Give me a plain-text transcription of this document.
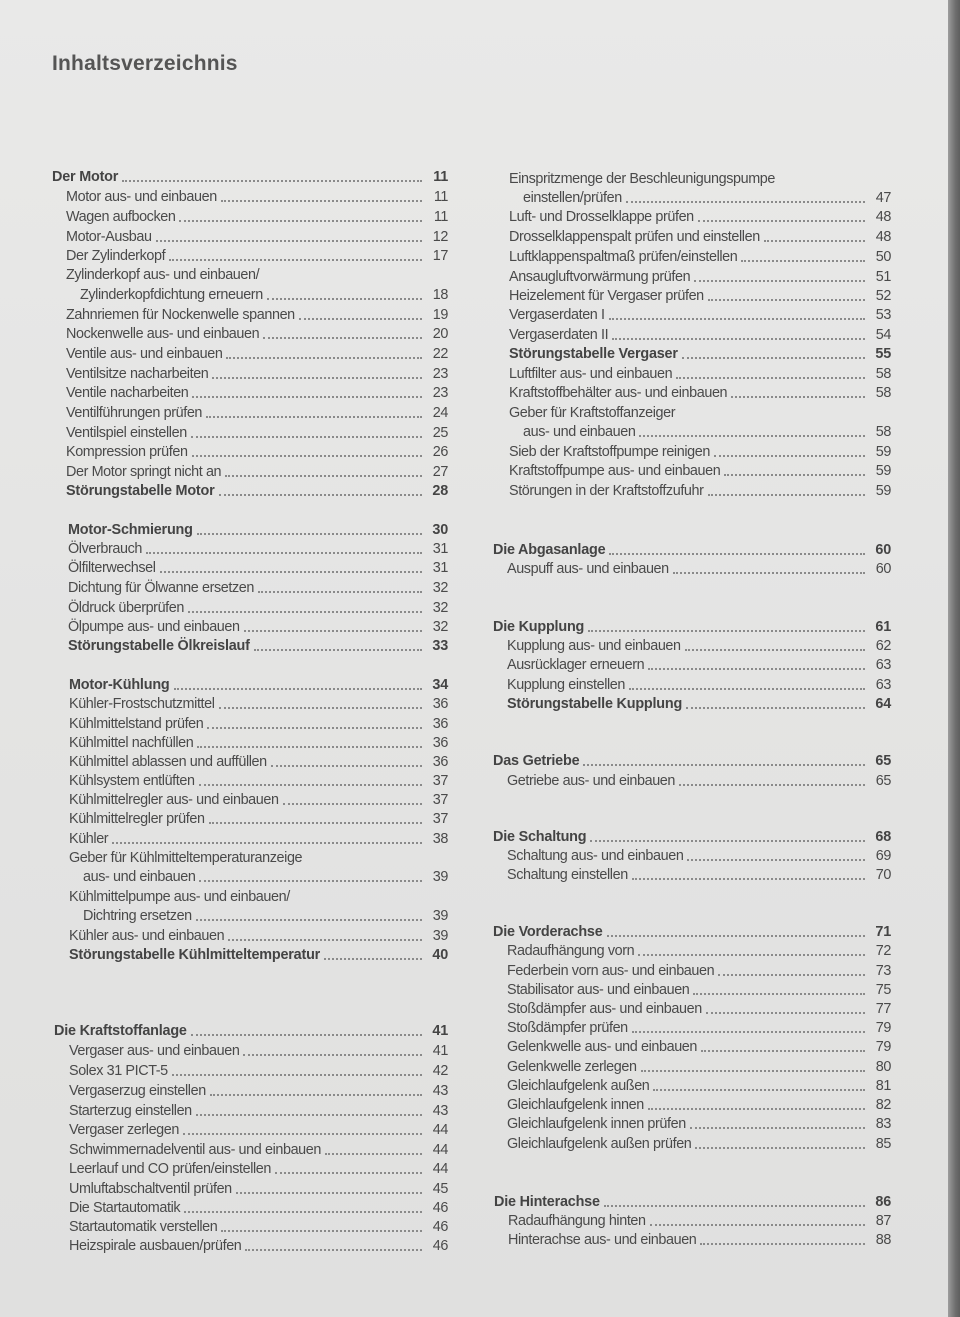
Inhaltsverzeichnis
Der Motor	11
Motor aus- und einbauen	11
Wagen aufbocken	11
Motor-Ausbau	12
Der Zylinderkopf	17
Zylinderkopf aus- und einbauen/
Zylinderkopfdichtung erneuern	18
Zahnriemen für Nockenwelle spannen	19
Nockenwelle aus- und einbauen	20
Ventile aus- und einbauen	22
Ventilsitze nacharbeiten	23
Ventile nacharbeiten	23
Ventilführungen prüfen	24
Ventilspiel einstellen	25
Kompression prüfen	26
Der Motor springt nicht an	27
Störungstabelle Motor	28
Motor-Schmierung	30
Ölverbrauch	31
Ölfilterwechsel	31
Dichtung für Ölwanne ersetzen	32
Öldruck überprüfen	32
Ölpumpe aus- und einbauen	32
Störungstabelle Ölkreislauf	33
Motor-Kühlung	34
Kühler-Frostschutzmittel	36
Kühlmittelstand prüfen	36
Kühlmittel nachfüllen	36
Kühlmittel ablassen und auffüllen	36
Kühlsystem entlüften	37
Kühlmittelregler aus- und einbauen	37
Kühlmittelregler prüfen	37
Kühler	38
Geber für Kühlmitteltemperaturanzeige
aus- und einbauen	39
Kühlmittelpumpe aus- und einbauen/
Dichtring ersetzen	39
Kühler aus- und einbauen	39
Störungstabelle Kühlmitteltemperatur	40
Die Kraftstoffanlage	41
Vergaser aus- und einbauen	41
Solex 31 PICT-5	42
Vergaserzug einstellen	43
Starterzug einstellen	43
Vergaser zerlegen	44
Schwimmernadelventil aus- und einbauen	44
Leerlauf und CO prüfen/einstellen	44
Umluftabschaltventil prüfen	45
Die Startautomatik	46
Startautomatik verstellen	46
Heizspirale ausbauen/prüfen	46
Einspritzmenge der Beschleunigungspumpe
einstellen/prüfen	47
Luft- und Drosselklappe prüfen	48
Drosselklappenspalt prüfen und einstellen	48
Luftklappenspaltmaß prüfen/einstellen	50
Ansaugluftvorwärmung prüfen	51
Heizelement für Vergaser prüfen	52
Vergaserdaten I	53
Vergaserdaten II	54
Störungstabelle Vergaser	55
Luftfilter aus- und einbauen	58
Kraftstoffbehälter aus- und einbauen	58
Geber für Kraftstoffanzeiger
aus- und einbauen	58
Sieb der Kraftstoffpumpe reinigen	59
Kraftstoffpumpe aus- und einbauen	59
Störungen in der Kraftstoffzufuhr	59
Die Abgasanlage	60
Auspuff aus- und einbauen	60
Die Kupplung	61
Kupplung aus- und einbauen	62
Ausrücklager erneuern	63
Kupplung einstellen	63
Störungstabelle Kupplung	64
Das Getriebe	65
Getriebe aus- und einbauen	65
Die Schaltung	68
Schaltung aus- und einbauen	69
Schaltung einstellen	70
Die Vorderachse	71
Radaufhängung vorn	72
Federbein vorn aus- und einbauen	73
Stabilisator aus- und einbauen	75
Stoßdämpfer aus- und einbauen	77
Stoßdämpfer prüfen	79
Gelenkwelle aus- und einbauen	79
Gelenkwelle zerlegen	80
Gleichlaufgelenk außen	81
Gleichlaufgelenk innen	82
Gleichlaufgelenk innen prüfen	83
Gleichlaufgelenk außen prüfen	85
Die Hinterachse	86
Radaufhängung hinten	87
Hinterachse aus- und einbauen	88
